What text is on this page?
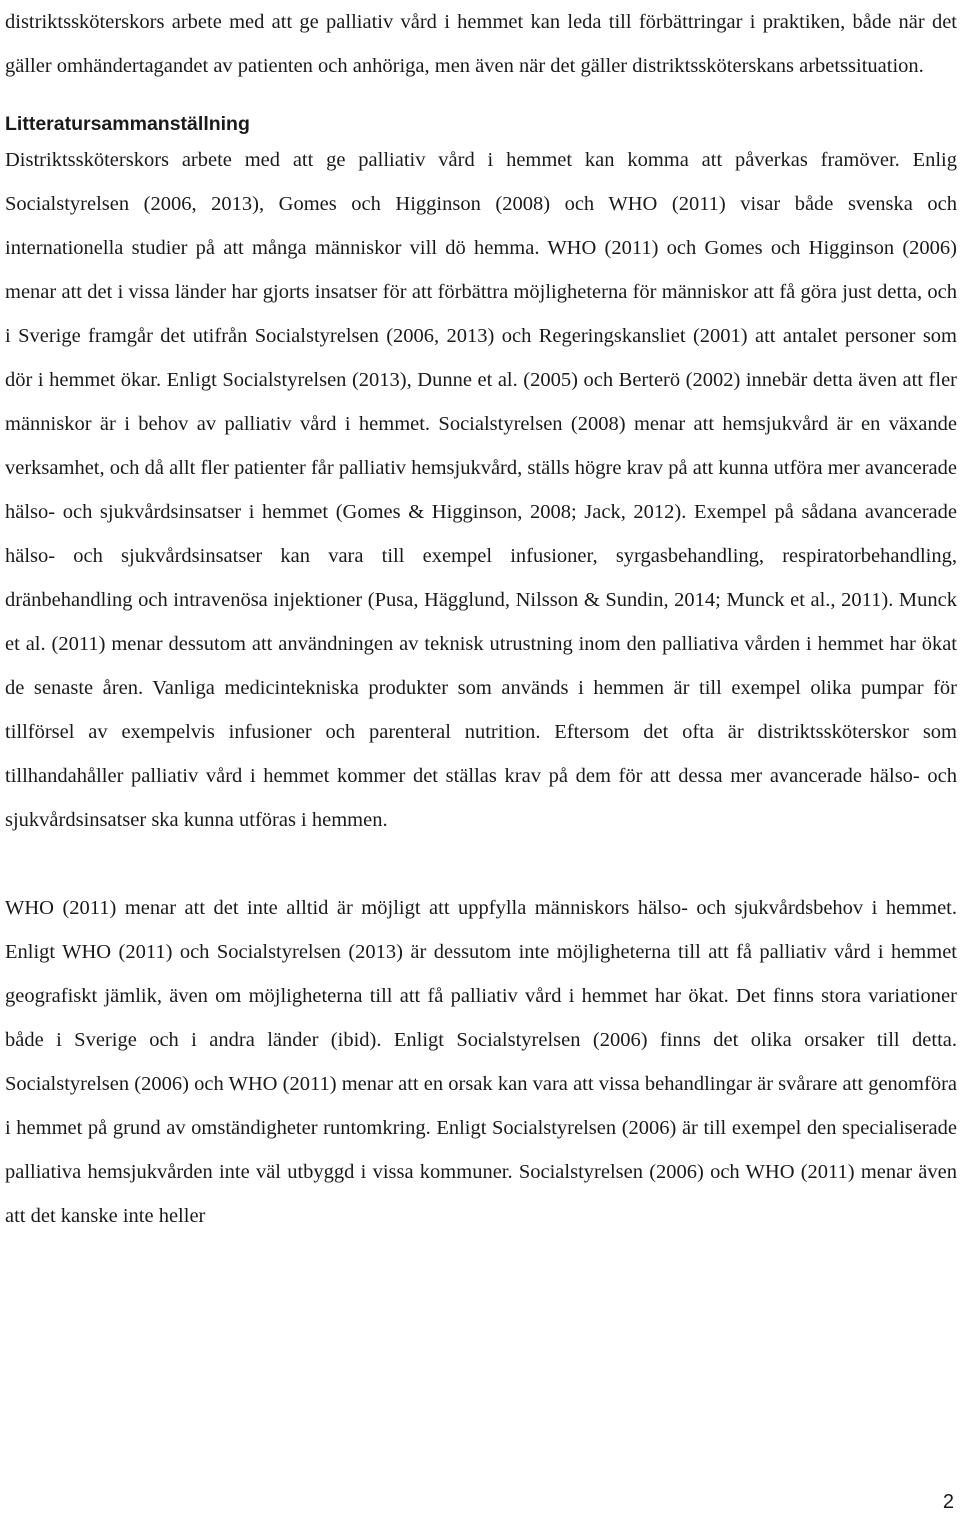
distriktssköterskors arbete med att ge palliativ vård i hemmet kan leda till förbättringar i praktiken, både när det gäller omhändertagandet av patienten och anhöriga, men även när det gäller distriktssköterskans arbetssituation.

Litteratursammanställning

Distriktssköterskors arbete med att ge palliativ vård i hemmet kan komma att påverkas framöver. Enlig Socialstyrelsen (2006, 2013), Gomes och Higginson (2008) och WHO (2011) visar både svenska och internationella studier på att många människor vill dö hemma. WHO (2011) och Gomes och Higginson (2006) menar att det i vissa länder har gjorts insatser för att förbättra möjligheterna för människor att få göra just detta, och i Sverige framgår det utifrån Socialstyrelsen (2006, 2013) och Regeringskansliet (2001) att antalet personer som dör i hemmet ökar. Enligt Socialstyrelsen (2013), Dunne et al. (2005) och Berterö (2002) innebär detta även att fler människor är i behov av palliativ vård i hemmet. Socialstyrelsen (2008) menar att hemsjukvård är en växande verksamhet, och då allt fler patienter får palliativ hemsjukvård, ställs högre krav på att kunna utföra mer avancerade hälso- och sjukvårdsinsatser i hemmet (Gomes & Higginson, 2008; Jack, 2012). Exempel på sådana avancerade hälso- och sjukvårdsinsatser kan vara till exempel infusioner, syrgasbehandling, respiratorbehandling, dränbehandling och intravenösa injektioner (Pusa, Hägglund, Nilsson & Sundin, 2014; Munck et al., 2011). Munck et al. (2011) menar dessutom att användningen av teknisk utrustning inom den palliativa vården i hemmet har ökat de senaste åren. Vanliga medicintekniska produkter som används i hemmen är till exempel olika pumpar för tillförsel av exempelvis infusioner och parenteral nutrition. Eftersom det ofta är distriktssköterskor som tillhandahåller palliativ vård i hemmet kommer det ställas krav på dem för att dessa mer avancerade hälso- och sjukvårdsinsatser ska kunna utföras i hemmen.

WHO (2011) menar att det inte alltid är möjligt att uppfylla människors hälso- och sjukvårdsbehov i hemmet. Enligt WHO (2011) och Socialstyrelsen (2013) är dessutom inte möjligheterna till att få palliativ vård i hemmet geografiskt jämlik, även om möjligheterna till att få palliativ vård i hemmet har ökat. Det finns stora variationer både i Sverige och i andra länder (ibid). Enligt Socialstyrelsen (2006) finns det olika orsaker till detta. Socialstyrelsen (2006) och WHO (2011) menar att en orsak kan vara att vissa behandlingar är svårare att genomföra i hemmet på grund av omständigheter runtomkring. Enligt Socialstyrelsen (2006) är till exempel den specialiserade palliativa hemsjukvården inte väl utbyggd i vissa kommuner. Socialstyrelsen (2006) och WHO (2011) menar även att det kanske inte heller

2
